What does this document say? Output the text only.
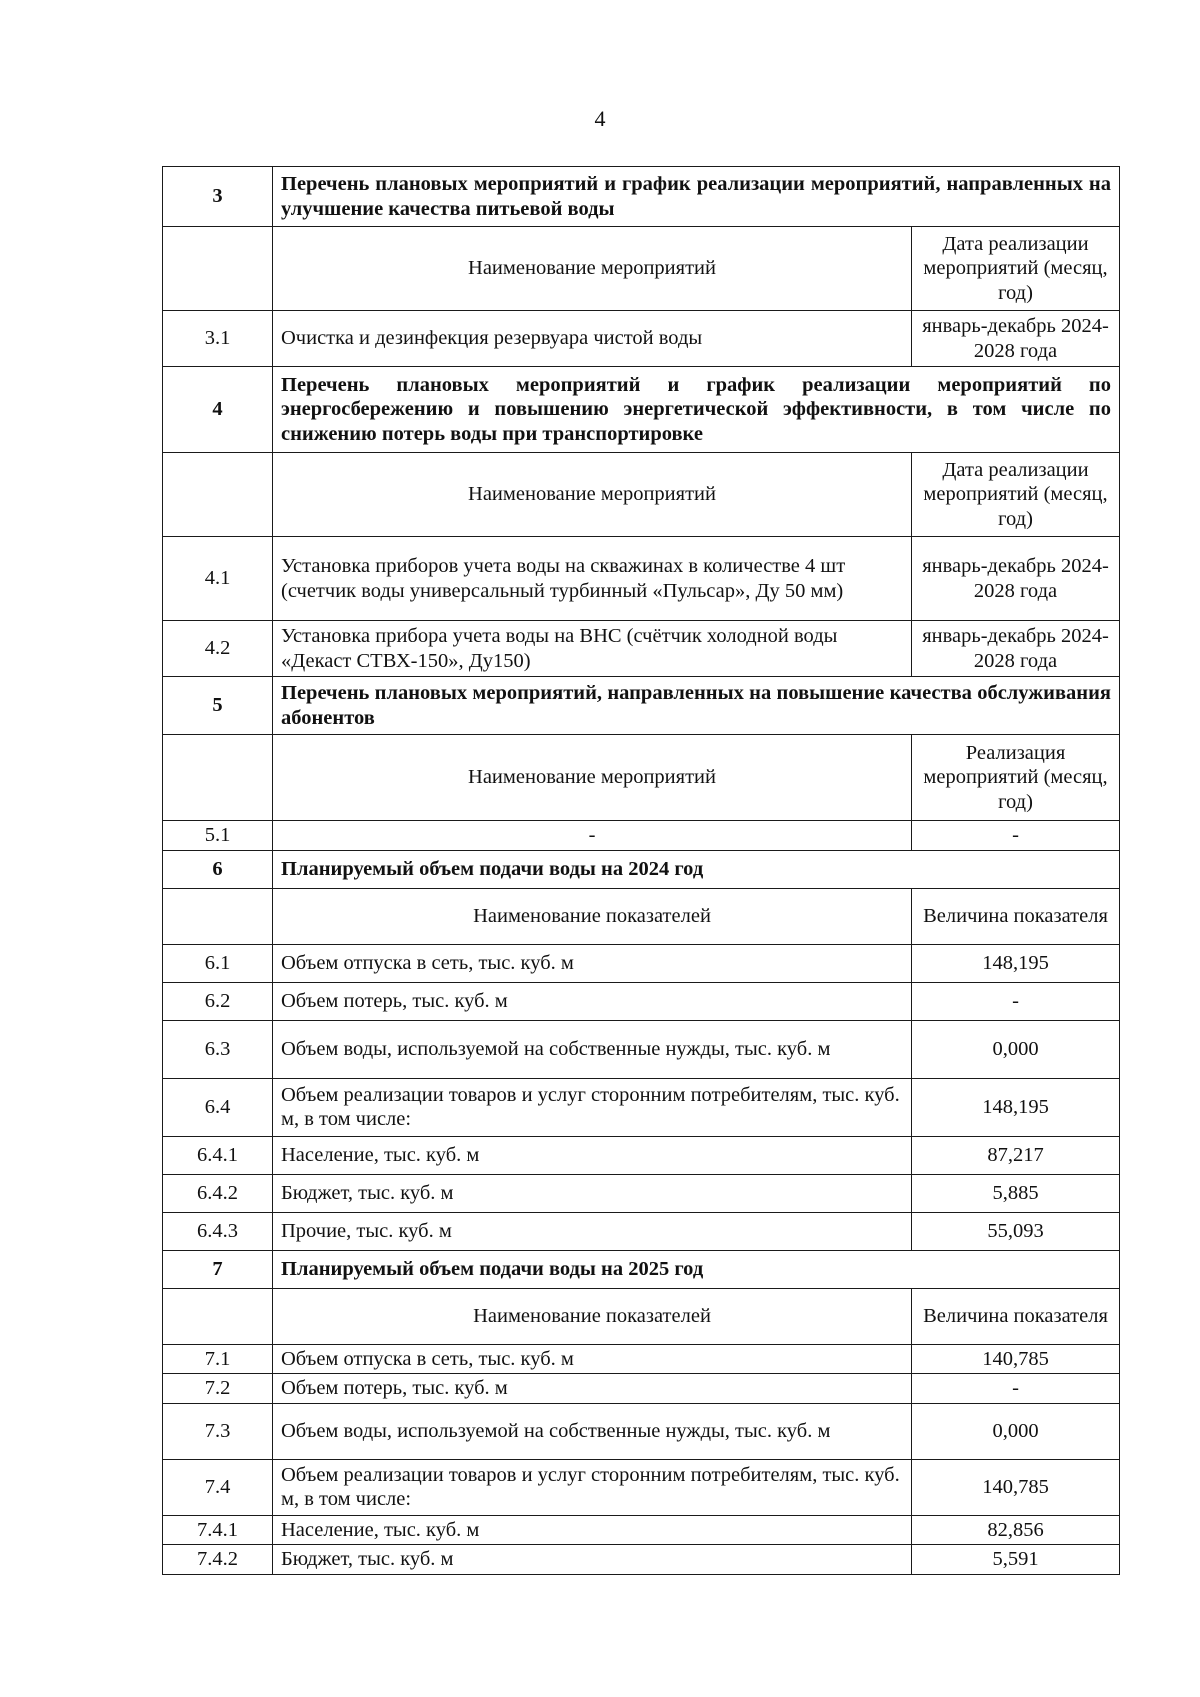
4
3	Перечень плановых мероприятий и график реализации мероприятий, направленных на улучшение качества питьевой воды	
	Наименование мероприятий	Дата реализации мероприятий (месяц, год)
3.1	Очистка и дезинфекция резервуара чистой воды	январь-декабрь 2024-2028 года
4	Перечень плановых мероприятий и график реализации мероприятий по энергосбережению и повышению энергетической эффективности, в том числе по снижению потерь воды при транспортировке	
	Наименование мероприятий	Дата реализации мероприятий (месяц, год)
4.1	Установка приборов учета воды на скважинах в количестве 4 шт (счетчик воды универсальный турбинный «Пульсар», Ду 50 мм)	январь-декабрь 2024-2028 года
4.2	Установка прибора учета воды на ВНС (счётчик холодной воды «Декаст СТВХ-150», Ду150)	январь-декабрь 2024-2028 года
5	Перечень плановых мероприятий, направленных на повышение качества обслуживания абонентов	
	Наименование мероприятий	Реализация мероприятий (месяц, год)
5.1	-	-
6	Планируемый объем подачи воды на 2024 год	
	Наименование показателей	Величина показателя
6.1	Объем отпуска в сеть, тыс. куб. м	148,195
6.2	Объем потерь, тыс. куб. м	-
6.3	Объем воды, используемой на собственные нужды, тыс. куб. м	0,000
6.4	Объем реализации товаров и услуг сторонним потребителям, тыс. куб. м, в том числе:	148,195
6.4.1	Население, тыс. куб. м	87,217
6.4.2	Бюджет, тыс. куб. м	5,885
6.4.3	Прочие, тыс. куб. м	55,093
7	Планируемый объем подачи воды на 2025 год	
	Наименование показателей	Величина показателя
7.1	Объем отпуска в сеть, тыс. куб. м	140,785
7.2	Объем потерь, тыс. куб. м	-
7.3	Объем воды, используемой на собственные нужды, тыс. куб. м	0,000
7.4	Объем реализации товаров и услуг сторонним потребителям, тыс. куб. м, в том числе:	140,785
7.4.1	Население, тыс. куб. м	82,856
7.4.2	Бюджет, тыс. куб. м	5,591
